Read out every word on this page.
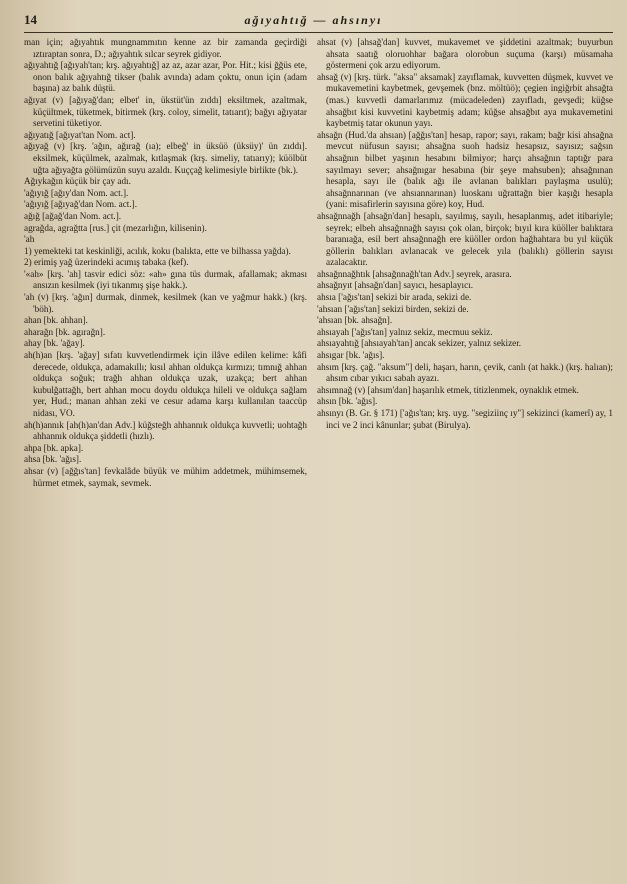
14	ağıyahtığ — ahsınyı

man için; ağıyahtık mungnammıtın kenne az bir zamanda geçirdiği ıztıraptan sonra, D.; ağıyahtık sılcar seyrek gidiyor.

ağıyahtığ [ağıyah'tan; krş. ağıyahtığ] az az, azar azar, Por. Hit.; kisi ğğüs ete, onon balık ağıyahtığ tikser (balık avında) adam çoktu, onun için (adam başına) az balık düştü.

ağıyat (v) [ağıyağ'dan; elbet' in, ükstüt'ün zıddı] eksiltmek, azaltmak, küçültmek, tüketmek, bitirmek (krş. coloy, simelit, tatıarıt); bağyı ağıyatar servetini tüketiyor.

ağıyatığ [ağıyat'tan Nom. act].

ağıyağ (v) [krş. 'ağın, ağırağ (ıa); elbeğ' in üksüö (üksüy)' ün zıddı]. eksilmek, küçülmek, azalmak, kıtlaşmak (krş. simeliy, tatıarıy); küölbüt uğta ağıyağta gölümüzün suyu azaldı. Kuççağ kelimesiyle birlikte (bk.).

Ağıykağın küçük bir çay adı.

'ağıyığ [ağıy'dan Nom. act.].

'ağıyığ [ağıyağ'dan Nom. act.].

ağığ [ağağ'dan Nom. act.].

agrağda, agrağtta [rus.] çit (mezarlığın, kilisenin).

'ah

1) yemekteki tat keskinliği, acılık, koku (balıkta, ette ve bilhassa yağda).

2) erimiş yağ üzerindeki acımış tabaka (kef).

'«ah» [krş. 'ah] tasvir edici söz: «ah» gına tüs durmak, afallamak; akması ansızın kesilmek (iyi tıkanmış şişe hakk.).

'ah (v) [krş. 'ağın] durmak, dinmek, kesilmek (kan ve yağmur hakk.) (krş. 'böh).

ahan [bk. ahhan].

aharağn [bk. agırağn].

ahay [bk. 'ağay].

ah(h)an [krş. 'ağay] sıfatı kuvvetlendirmek için ilâve edilen kelime: kâfi derecede, oldukça, adamakıllı; kısıl ahhan oldukça kırmızı; tımnığ ahhan oldukça soğuk; trağh ahhan oldukça uzak, uzakça; bert ahhan kubulğattağh, bert ahhan mocu doydu oldukça hileli ve oldukça sağlam yer, Hud.; manan ahhan zeki ve cesur adama karşı kullanılan taaccüp nidası, VO.

ah(h)annık [ah(h)an'dan Adv.] küğsteğh ahhannık oldukça kuvvetli; uohtağh ahhannık oldukça şiddetli (hızlı).

ahpa [bk. apka].

ahsa [bk. 'ağıs].

ahsar (v) [ağğıs'tan] fevkalâde büyük ve mühim addetmek, mühimsemek, hürmet etmek, saymak, sevmek.

ahsat (v) [ahsağ'dan] kuvvet, mukavemet ve şiddetini azaltmak; buyurbun ahsata saatığ oloruohhar bağara olorobun suçuma (karşı) müsamaha göstermeni çok arzu ediyorum.

ahsağ (v) [krş. türk. "aksa" aksamak] zayıflamak, kuvvetten düşmek, kuvvet ve mukavemetini kaybetmek, gevşemek (bnz. möltüö); çegien ingiğrbit ahsağta (mas.) kuvvetli damarlarımız (mücadeleden) zayıfladı, gevşedi; küğse ahsağbıt kisi kuvvetini kaybetmiş adam; küğse ahsağbıt aya mukavemetini kaybetmiş tatar okunun yayı.

ahsağn (Hud.'da ahsıan) [ağğıs'tan] hesap, rapor; sayı, rakam; bağr kisi ahsağna mevcut nüfusun sayısı; ahsağna suoh hadsiz hesapsız, sayısız; sağsın ahsağnın bilbet yaşının hesabını bilmiyor; harçı ahsağnın taptığr para sayılmayı sever; ahsağnıgar hesabına (bir şeye mahsuben); ahsağnınan hesapla, sayı ile (balık ağı ile avlanan balıkları paylaşma usulü); ahsağnnarınan (ve ahsıannarınan) luoskanı uğrattağn bier kaşığı hesapla (yani: misafirlerin sayısına göre) koy, Hud.

ahsağnnağh [ahsağn'dan] hesaplı, sayılmış, sayılı, hesaplanmış, adet itibariyle; seyrek; elbeh ahsağnnağh sayısı çok olan, birçok; bıyıl kıra küöller balıktara baranıağa, esil bert ahsağnnağh ere küöller ordon hağhahtara bu yıl küçük göllerin balıkları avlanacak ve gelecek yıla (balıklı) göllerin sayısı azalacaktır.

ahsağnnağhtık [ahsağnnağh'tan Adv.] seyrek, arasıra.

ahsağnyıt [ahsağn'dan] sayıcı, hesaplayıcı.

ahsıa ['ağıs'tan] sekizi bir arada, sekizi de.

'ahsıan ['ağıs'tan] sekizi birden, sekizi de.

'ahsıan [bk. ahsağn].

ahsıayah ['ağıs'tan] yalnız sekiz, mecmuu sekiz.

ahsıayahtığ [ahsıayah'tan] ancak sekizer, yalnız sekizer.

ahsıgar [bk. 'ağıs].

ahsım [krş. çağ. "aksum"] deli, haşarı, harın, çevik, canlı (at hakk.) (krş. halıan); ahsım cıbar yıkıcı sabah ayazı.

ahsımnağ (v) [ahsım'dan] haşarılık etmek, titizlenmek, oynaklık etmek.

ahsın [bk. 'ağıs].

ahsınyı (B. Gr. § 171) ['ağıs'tan; krş. uyg. "segiziinç ıy"] sekizinci (kamerî) ay, 1 inci ve 2 inci kânunlar; şubat (Birulya).
